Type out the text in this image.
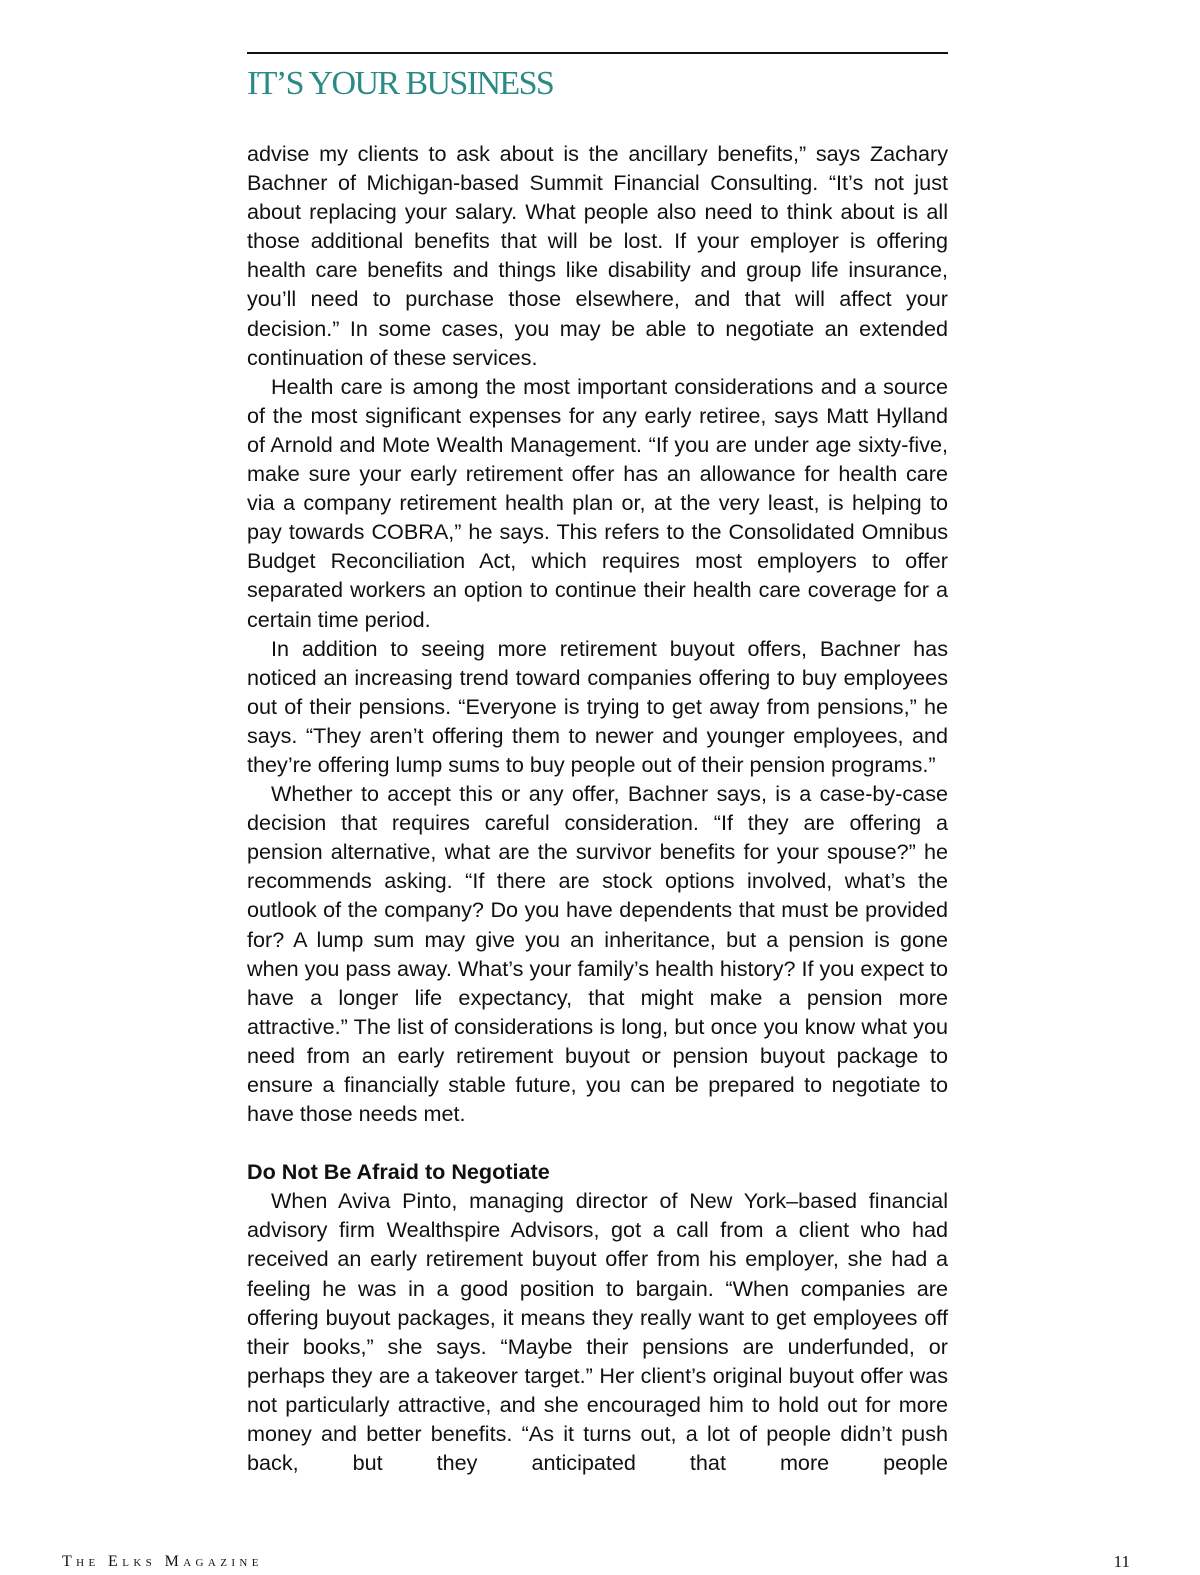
IT’S YOUR BUSINESS

advise my clients to ask about is the ancillary benefits,” says Zachary Bachner of Michigan-based Summit Financial Consulting. “It’s not just about replacing your salary. What people also need to think about is all those additional benefits that will be lost. If your employer is offering health care benefits and things like disability and group life insurance, you’ll need to purchase those elsewhere, and that will affect your decision.” In some cases, you may be able to negotiate an extended continuation of these services.

Health care is among the most important considerations and a source of the most significant expenses for any early retiree, says Matt Hylland of Arnold and Mote Wealth Management. “If you are under age sixty-five, make sure your early retirement offer has an allowance for health care via a company retirement health plan or, at the very least, is helping to pay towards COBRA,” he says. This refers to the Consolidated Omnibus Budget Reconciliation Act, which requires most employers to offer separated workers an option to continue their health care coverage for a certain time period.

In addition to seeing more retirement buyout offers, Bachner has noticed an increasing trend toward companies offering to buy employees out of their pensions. “Everyone is trying to get away from pensions,” he says. “They aren’t offering them to newer and younger employees, and they’re offering lump sums to buy people out of their pension programs.”

Whether to accept this or any offer, Bachner says, is a case-by-case decision that requires careful consideration. “If they are offering a pension alternative, what are the survivor benefits for your spouse?” he recommends asking. “If there are stock options involved, what’s the outlook of the company? Do you have dependents that must be provided for? A lump sum may give you an inheritance, but a pension is gone when you pass away. What’s your family’s health history? If you expect to have a longer life expectancy, that might make a pension more attractive.” The list of considerations is long, but once you know what you need from an early retirement buyout or pension buyout package to ensure a financially stable future, you can be prepared to negotiate to have those needs met.

Do Not Be Afraid to Negotiate

When Aviva Pinto, managing director of New York–based financial advisory firm Wealthspire Advisors, got a call from a client who had received an early retirement buyout offer from his employer, she had a feeling he was in a good position to bargain. “When companies are offering buyout packages, it means they really want to get employees off their books,” she says. “Maybe their pensions are underfunded, or perhaps they are a takeover target.” Her client’s original buyout offer was not particularly attractive, and she encouraged him to hold out for more money and better benefits. “As it turns out, a lot of people didn’t push back, but they anticipated that more people

The Elks Magazine	11
